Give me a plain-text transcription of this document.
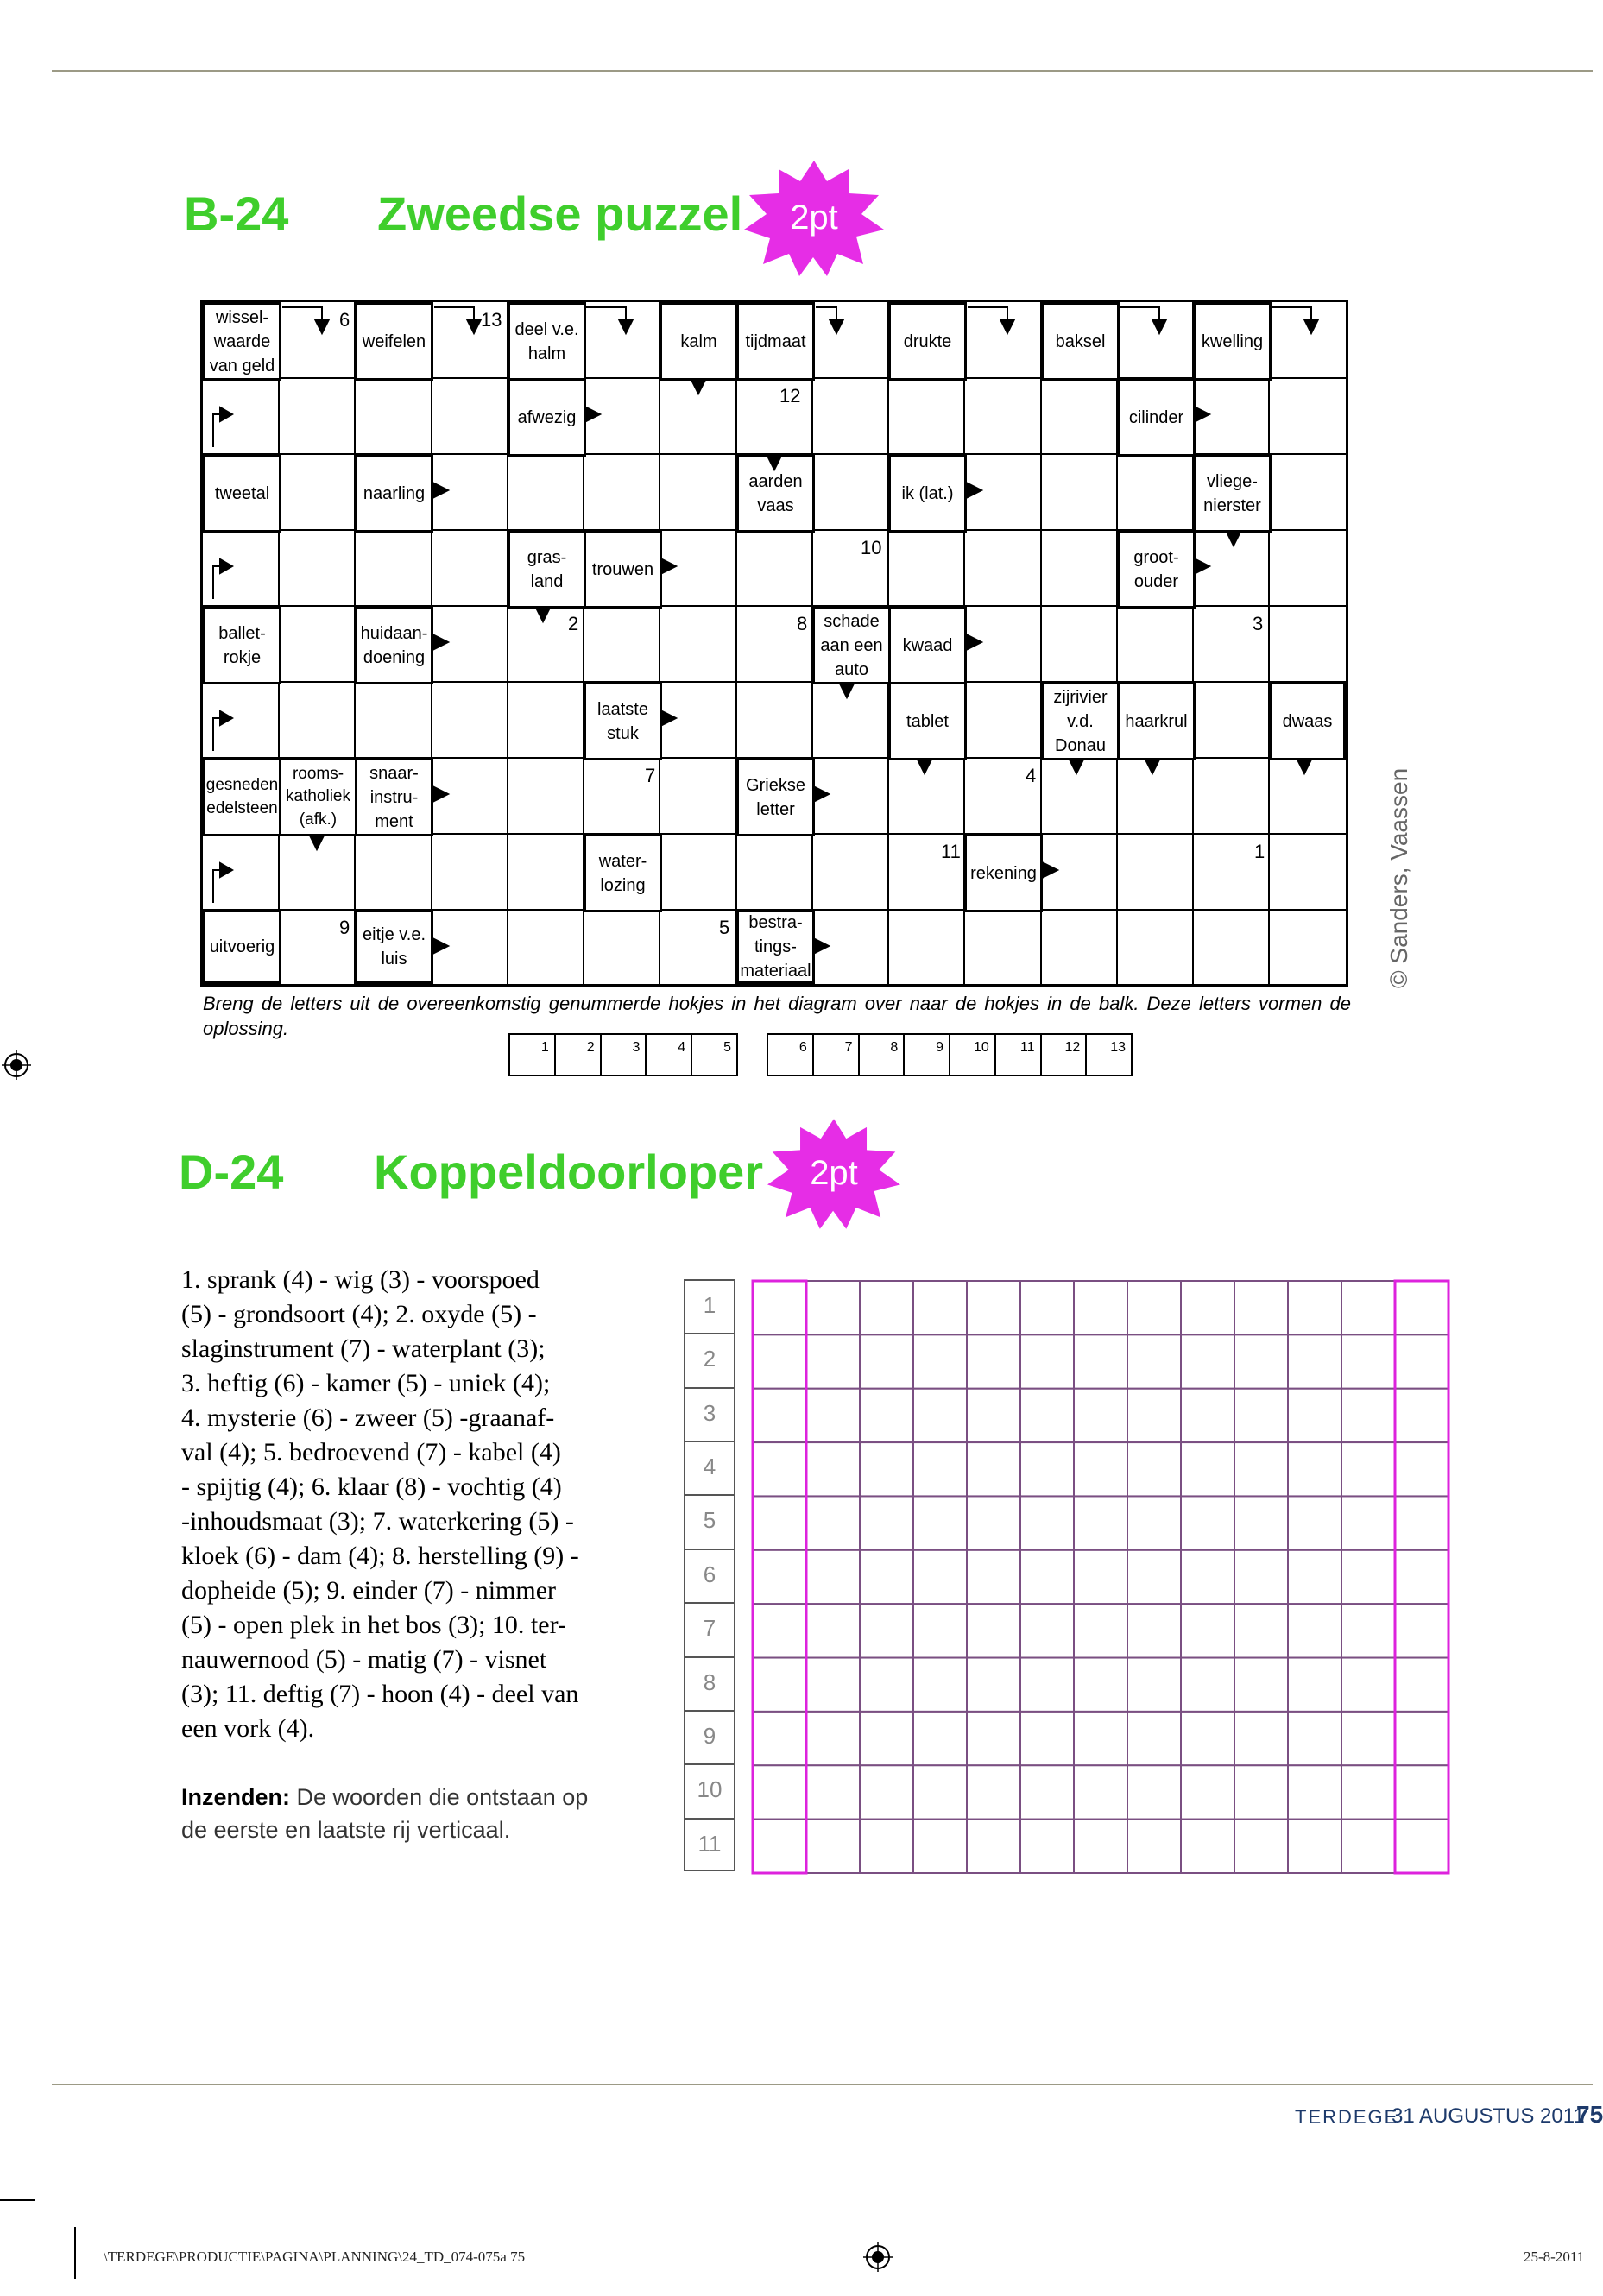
B-24 Zweedse puzzel	2pt
wissel-
waarde
van geld
weifelen
deel v.e.
halm
kalm	tijdmaat	drukte	baksel	kwelling
afwezig	cilinder
tweetal	naarling
aarden
vaas
ik (lat.)
vliege-
nierster
gras-
land
trouwen
groot-
ouder
ballet-
rokje
huidaan-
doening
schade
aan een
auto
kwaad
laatste
stuk
tablet
zijrivier
v.d.
Donau
haarkrul	dwaas
gesneden
edelsteen
rooms-
katholiek
(afk.)
snaar-
instru-
ment
Griekse
letter
water-
lozing
rekening
uitvoerig
eitje v.e.
luis
bestra-
tings-
materiaal
6	13
12
10
2	8	3
7	4
11	1
9	5
Breng de letters uit de overeenkomstig genummerde hokjes in het diagram over naar de hokjes in de balk. Deze letters vormen de oplossing.
1	2	3	4	5	6	7	8	9	10	11	12	13
© Sanders, Vaassen
D-24 Koppeldoorloper	2pt
1. sprank (4) - wig (3) - voorspoed
(5) - grondsoort (4); 2. oxyde (5) -
slaginstrument (7) - waterplant (3);
3. heftig (6) - kamer (5) - uniek (4);
4. mysterie (6) - zweer (5) -graanaf-
val (4); 5. bedroevend (7) - kabel (4)
- spijtig (4); 6. klaar (8) - vochtig (4)
-inhoudsmaat (3); 7. waterkering (5) -
kloek (6) - dam (4); 8. herstelling (9) -
dopheide (5); 9. einder (7) - nimmer
(5) - open plek in het bos (3); 10. ter-
nauwernood (5) - matig (7) - visnet
(3); 11. deftig (7) - hoon (4) - deel van
een vork (4).
Inzenden: De woorden die ontstaan op de eerste en laatste rij verticaal.
1
2
3
4
5
6
7
8
9
10
11
TERDEGE
31 AUGUSTUS 2011
75
\TERDEGE\PRODUCTIE\PAGINA\PLANNING\24_TD_074-075a 75	25-8-2011
